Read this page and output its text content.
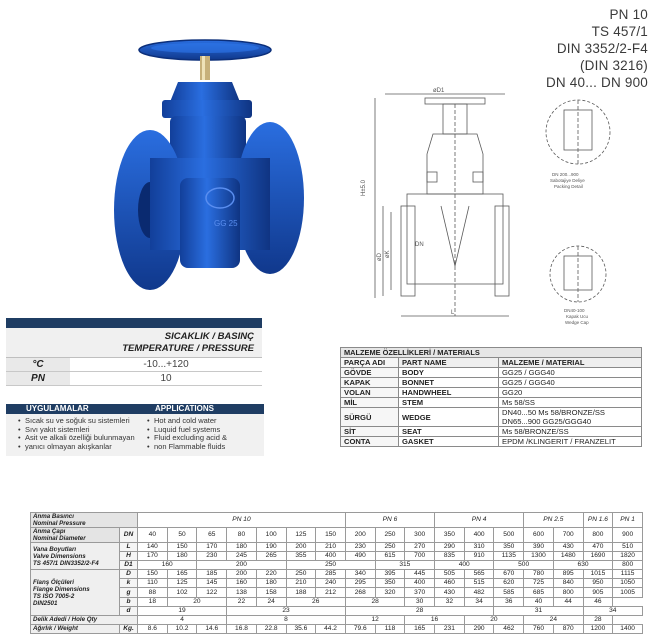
PN 10
TS 457/1
DIN 3352/2-F4
(DIN 3216)
DN 40... DN 900
GG 25
øD1
H±5.0
øD øK
L
DN
DN 200...900
Sabotajiye Deliye
Packing Detail
DN40-100
Kapak Ucu
Wedge Cap
SICAKLIK / BASINÇ
TEMPERATURE / PRESSURE
°C	-10...+120
PN	10
UYGULAMALAR	APPLICATIONS
• Sıcak su ve soğuk su sistemleri
• Sıvı yakıt sistemleri
• Asit ve alkali özelliği bulunmayan
• yanıcı olmayan akışkanlar
• Hot and cold water
• Luquid fuel systems
• Fluid excluding acid &
• non Flammable fluids
MALZEME ÖZELLİKLERİ / MATERIALS		
PARÇA ADI	PART NAME	MALZEME / MATERIAL
GÖVDE	BODY	GG25 / GGG40
KAPAK	BONNET	GG25 / GGG40
VOLAN	HANDWHEEL	GG20
MİL	STEM	Ms 58/SS
SÜRGÜ	WEDGE	DN40...50 Ms 58/BRONZE/SS
DN65...900 GG25/GGG40
SİT	SEAT	Ms 58/BRONZE/SS
CONTA	GASKET	EPDM /KLINGERIT / FRANZELIT
Anma Basıncı
Nominal Pressure		PN 10							PN 6			PN 4			PN 2.5		PN 1.6	PN 1
Anma Çapı
Nominal Diameter	DN	40	50	65	80	100	125	150	200	250	300	350	400	500	600	700	800	900
Vana Boyutları
Valve Dimensions
TS 457/1 DIN3352/2-F4	L	140	150	170	180	190	200	210	230	250	270	290	310	350	390	430	470	510
	H	170	180	230	245	265	355	400	490	615	700	835	910	1135	1300	1480	1690	1820
	D1	160		200			250			315		400		500		630		800
Flanş Ölçüleri
Flange Dimensions
TS ISO 7005-2
DIN2501	D	150	165	185	200	220	250	285	340	395	445	505	565	670	780	895	1015	1115
	k	110	125	145	160	180	210	240	295	350	400	460	515	620	725	840	950	1050
	g	88	102	122	138	158	188	212	268	320	370	430	482	585	685	800	905	1005
	b	18	20		22	24	26		28		30	32	34	36	40	44	46	
	d	19			23				28					31			34	
Delik Adedi / Hole Qty		4			8				12		16		20		24		28	
Ağırlık / Weight	Kg.	8.6	10.2	14.6	16.8	22.8	35.6	44.2	79.6	118	165	231	290	462	760	870	1200	1400
